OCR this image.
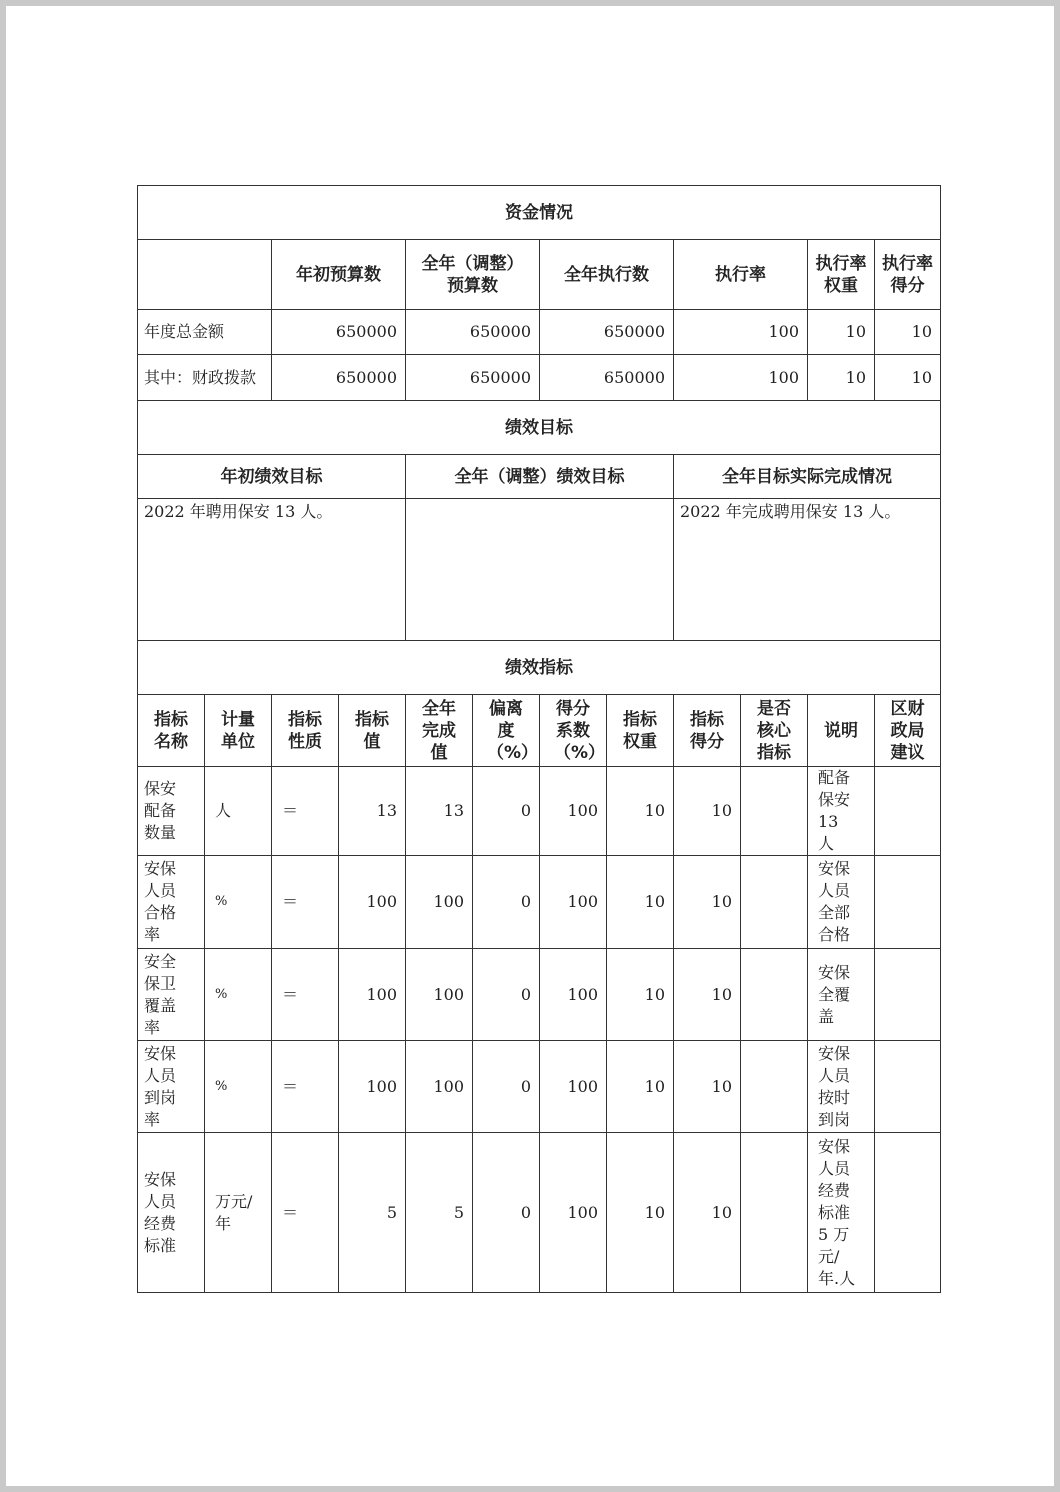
资金情况											
		年初预算数		全年（调整）预算数		全年执行数		执行率		执行率权重	执行率得分
年度总金额		650000		650000		650000		100		10	10
其中：财政拨款		650000		650000		650000		100		10	10
绩效目标											
年初绩效目标				全年（调整）绩效目标				全年目标实际完成情况			
2022 年聘用保安 13 人。								2022 年完成聘用保安 13 人。			
绩效指标											
指标名称	计量单位	指标性质	指标值	全年完成值	偏离度（%）	得分系数（%）	指标权重	指标得分	是否核心指标	说明	区财政局建议
保安配备数量	人	＝	13	13	0	100	10	10		配备保安13 人	
安保人员合格率	%	＝	100	100	0	100	10	10		安保人员全部合格	
安全保卫覆盖率	%	＝	100	100	0	100	10	10		安保全覆盖	
安保人员到岗率	%	＝	100	100	0	100	10	10		安保人员按时到岗	
安保人员经费标准	万元/年	＝	5	5	0	100	10	10		安保人员经费标准5 万元/年.人	
